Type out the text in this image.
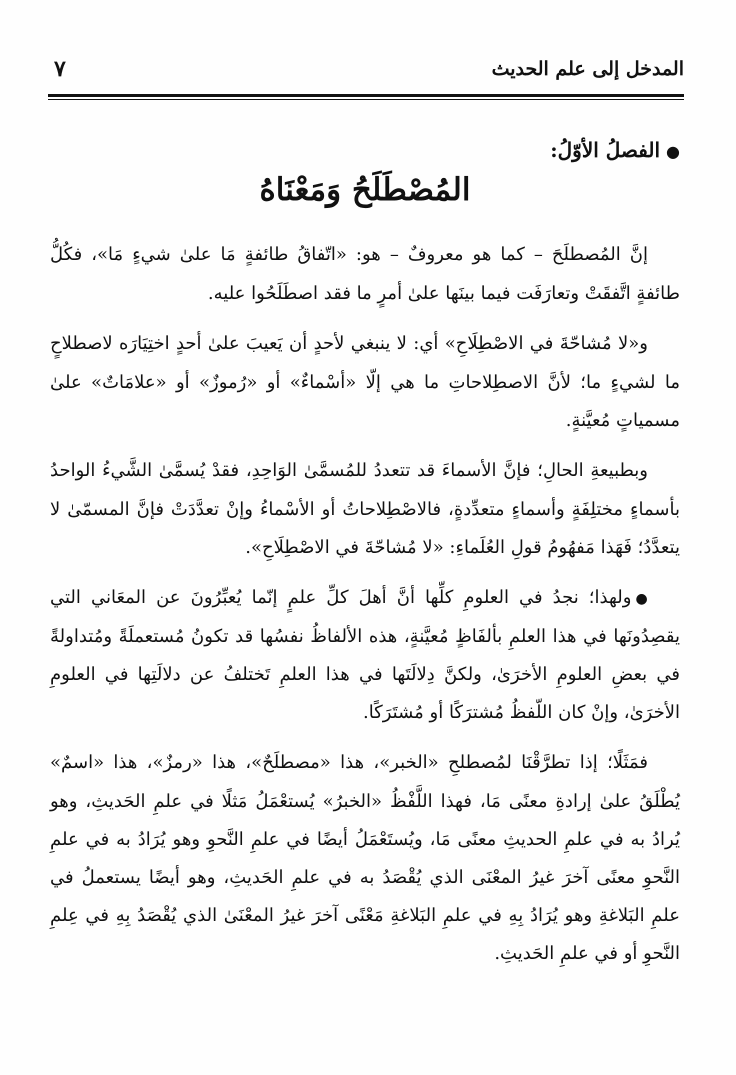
المدخل إلى علم الحديث
٧

●الفصلُ الأوّلُ:

المُصْطَلَحُ وَمَعْنَاهُ

إنَّ المُصطلَحَ – كما هو معروفٌ – هو: «اتّفاقُ طائفةٍ مَا علىٰ شيءٍ مَا»، فكُلُّ طائفةٍ اتَّفقَتْ وتعارَفَت فيما بينَها علىٰ أمرٍ ما فقد اصطَلَحُوا عليه.

و«لا مُشاحّةَ في الاصْطِلَاحِ» أي: لا ينبغي لأحدٍ أن يَعيبَ علىٰ أحدٍ اختِيَارَه لاصطلاحٍ ما لشيءٍ ما؛ لأنَّ الاصطِلاحاتِ ما هي إلّا «أسْماءٌ» أو «رُموزٌ» أو «علامَاتٌ» علىٰ مسمياتٍ مُعيَّنةٍ.

وبطبيعةِ الحالِ؛ فإنَّ الأسماءَ قد تتعددُ للمُسمَّىٰ الوَاحِدِ، فقدْ يُسمَّىٰ الشَّيءُ الواحدُ بأسماءٍ مختلِفَةٍ وأسماءٍ متعدِّدةٍ، فالاصْطِلاحاتُ أو الأسْماءُ وإنْ تعدَّدَتْ فإنَّ المسمّىٰ لا يتعدَّدُ؛ فَهَذا مَفهُومُ قولِ العُلَماءِ: «لا مُشاحّةَ في الاصْطِلَاحِ».

●ولهذا؛ نجدُ في العلومِ كلِّها أنَّ أهلَ كلِّ علمٍ إنّما يُعبِّرُونَ عن المعَاني التي يقصِدُونَها في هذا العلمِ بألفَاظٍ مُعيَّنةٍ، هذه الألفاظُ نفسُها قد تكونُ مُستعملَةً ومُتداولةً في بعضِ العلومِ الأخرَىٰ، ولكنَّ دِلالَتَها في هذا العلمِ تَختلفُ عن دلالَتِها في العلومِ الأخرَىٰ، وإنْ كان اللّفظُ مُشترَكًا أو مُشتَرَكًا.

فمَثَلًا؛ إذا تطرَّقْنَا لمُصطلحِ «الخبر»، هذا «مصطلَحٌ»، هذا «رمزٌ»، هذا «اسمٌ» يُطْلَقُ علىٰ إرادةِ معنًى مَا، فهذا اللَّفْظُ «الخبرُ» يُستعْمَلُ مَثلًا في علمِ الحَديثِ، وهو يُرادُ به في علمِ الحديثِ معنًى مَا، ويُستَعْمَلُ أيضًا في علمِ النَّحوِ وهو يُرَادُ به في علمِ النَّحوِ معنًى آخرَ غيرُ المعْنَى الذي يُقْصَدُ به في علمِ الحَديثِ، وهو أيضًا يستعملُ في علمِ البَلاغةِ وهو يُرَادُ بِهِ في علمِ البَلاغةِ مَعْنًى آخرَ غيرُ المعْنَىٰ الذي يُقْصَدُ بِهِ في عِلمِ النَّحوِ أو في علمِ الحَديثِ.
